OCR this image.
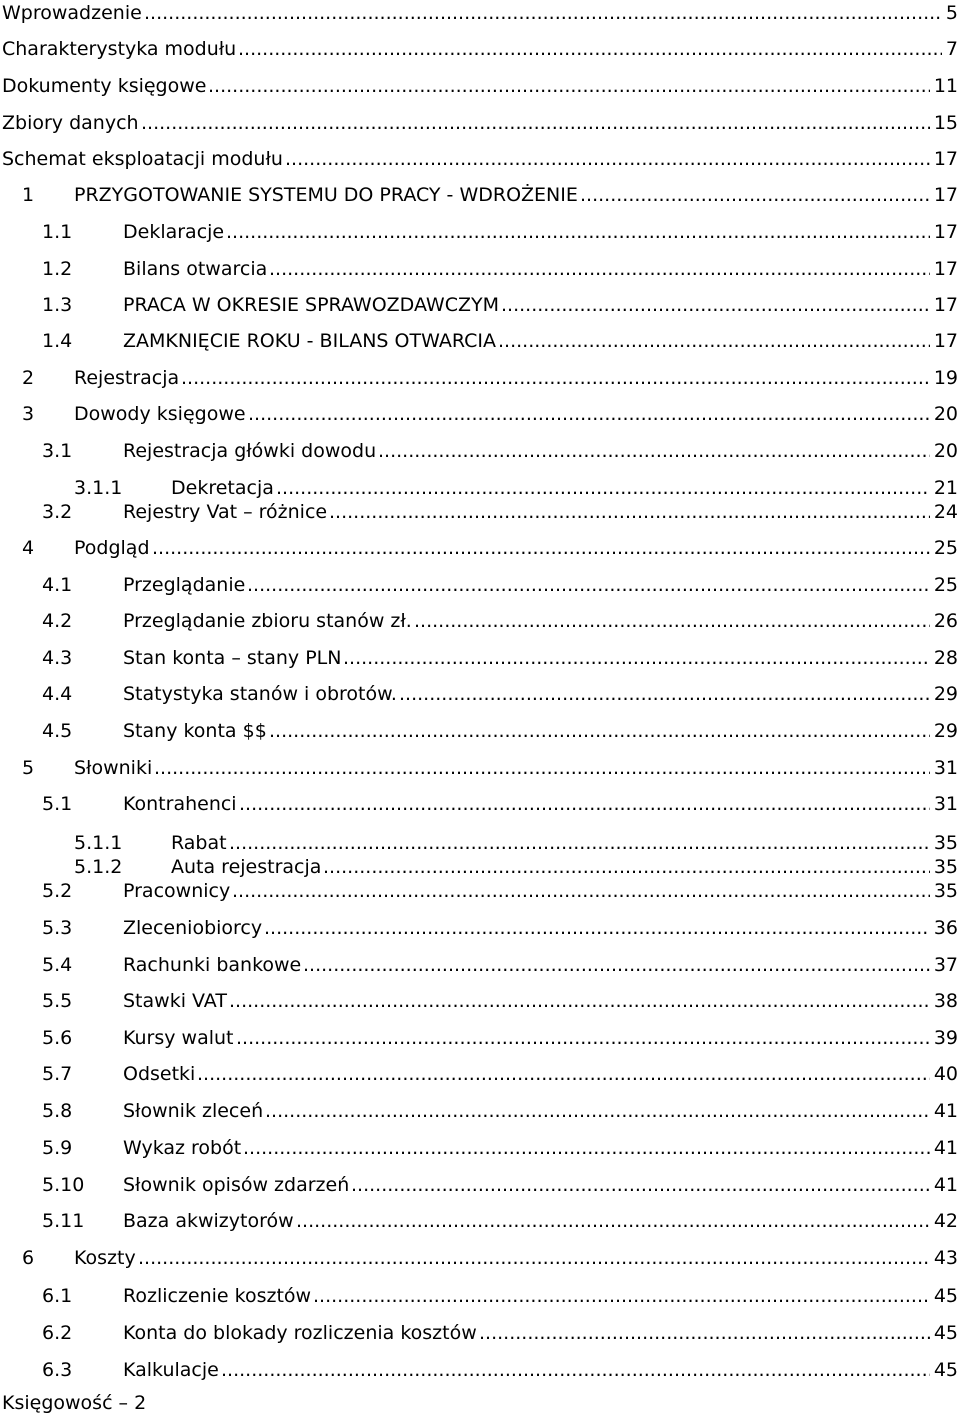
Wprowadzenie .....	5
Charakterystyka modułu .....	7
Dokumenty księgowe .....	11
Zbiory danych .....	15
Schemat eksploatacji modułu .....	17
1 PRZYGOTOWANIE SYSTEMU DO PRACY - WDROŻENIE .....	17
1.1	Deklaracje .....	17
1.2	Bilans otwarcia .....	17
1.3	PRACA W OKRESIE SPRAWOZDAWCZYM .....	17
1.4	ZAMKNIĘCIE ROKU - BILANS OTWARCIA .....	17
2 Rejestracja .....	19
3 Dowody księgowe .....	20
3.1	Rejestracja główki dowodu .....	20
3.1.1	Dekretacja .....	21
3.2	Rejestry Vat – różnice .....	24
4 Podgląd .....	25
4.1	Przeglądanie .....	25
4.2	Przeglądanie zbioru stanów zł. .....	26
4.3	Stan konta – stany PLN .....	28
4.4	Statystyka stanów i obrotów. .....	29
4.5	Stany konta $$ .....	29
5 Słowniki .....	31
5.1	Kontrahenci .....	31
5.1.1	Rabat .....	35
5.1.2	Auta rejestracja .....	35
5.2	Pracownicy .....	35
5.3	Zleceniobiorcy .....	36
5.4	Rachunki bankowe .....	37
5.5	Stawki VAT .....	38
5.6	Kursy walut .....	39
5.7	Odsetki .....	40
5.8	Słownik zleceń .....	41
5.9	Wykaz robót .....	41
5.10 Słownik opisów zdarzeń .....	41
5.11 Baza akwizytorów .....	42
6 Koszty .....	43
6.1	Rozliczenie kosztów .....	45
6.2	Konta do blokady rozliczenia kosztów .....	45
6.3	Kalkulacje .....	45
Księgowość – 2
